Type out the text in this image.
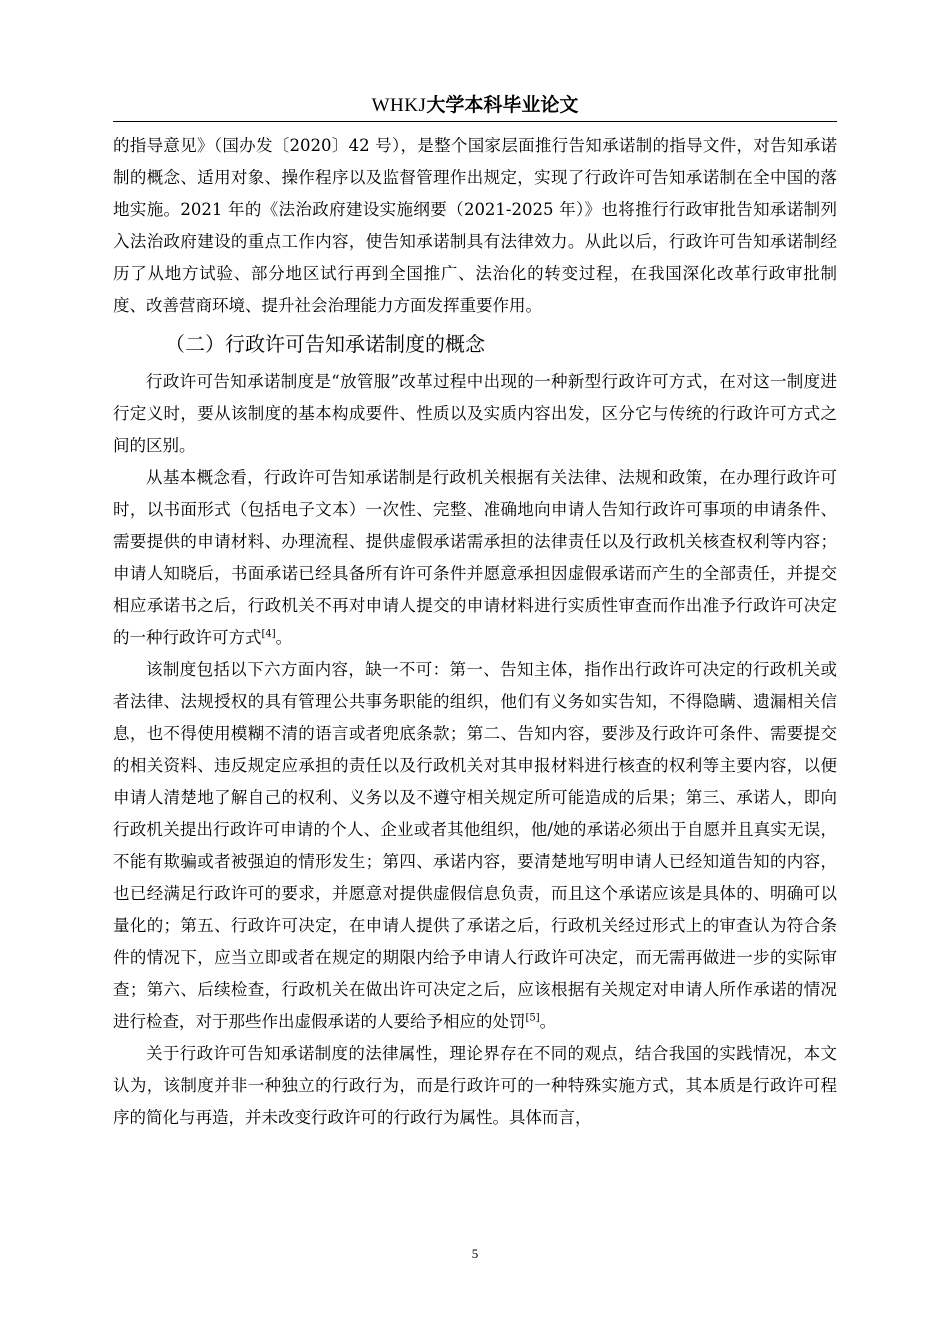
WHKJ大学本科毕业论文

的指导意见》（国办发〔2020〕42 号），是整个国家层面推行告知承诺制的指导文件，对告知承诺制的概念、适用对象、操作程序以及监督管理作出规定，实现了行政许可告知承诺制在全中国的落地实施。2021 年的《法治政府建设实施纲要（2021-2025 年）》也将推行行政审批告知承诺制列入法治政府建设的重点工作内容，使告知承诺制具有法律效力。从此以后，行政许可告知承诺制经历了从地方试验、部分地区试行再到全国推广、法治化的转变过程，在我国深化改革行政审批制度、改善营商环境、提升社会治理能力方面发挥重要作用。

（二）行政许可告知承诺制度的概念

行政许可告知承诺制度是“放管服”改革过程中出现的一种新型行政许可方式，在对这一制度进行定义时，要从该制度的基本构成要件、性质以及实质内容出发，区分它与传统的行政许可方式之间的区别。

从基本概念看，行政许可告知承诺制是行政机关根据有关法律、法规和政策，在办理行政许可时，以书面形式（包括电子文本）一次性、完整、准确地向申请人告知行政许可事项的申请条件、需要提供的申请材料、办理流程、提供虚假承诺需承担的法律责任以及行政机关核查权利等内容；申请人知晓后，书面承诺已经具备所有许可条件并愿意承担因虚假承诺而产生的全部责任，并提交相应承诺书之后，行政机关不再对申请人提交的申请材料进行实质性审查而作出准予行政许可决定的一种行政许可方式[4]。

该制度包括以下六方面内容，缺一不可：第一、告知主体，指作出行政许可决定的行政机关或者法律、法规授权的具有管理公共事务职能的组织，他们有义务如实告知，不得隐瞒、遗漏相关信息，也不得使用模糊不清的语言或者兜底条款；第二、告知内容，要涉及行政许可条件、需要提交的相关资料、违反规定应承担的责任以及行政机关对其申报材料进行核查的权利等主要内容，以便申请人清楚地了解自己的权利、义务以及不遵守相关规定所可能造成的后果；第三、承诺人，即向行政机关提出行政许可申请的个人、企业或者其他组织，他/她的承诺必须出于自愿并且真实无误，不能有欺骗或者被强迫的情形发生；第四、承诺内容，要清楚地写明申请人已经知道告知的内容，也已经满足行政许可的要求，并愿意对提供虚假信息负责，而且这个承诺应该是具体的、明确可以量化的；第五、行政许可决定，在申请人提供了承诺之后，行政机关经过形式上的审查认为符合条件的情况下，应当立即或者在规定的期限内给予申请人行政许可决定，而无需再做进一步的实际审查；第六、后续检查，行政机关在做出许可决定之后，应该根据有关规定对申请人所作承诺的情况进行检查，对于那些作出虚假承诺的人要给予相应的处罚[5]。

关于行政许可告知承诺制度的法律属性，理论界存在不同的观点，结合我国的实践情况，本文认为，该制度并非一种独立的行政行为，而是行政许可的一种特殊实施方式，其本质是行政许可程序的简化与再造，并未改变行政许可的行政行为属性。具体而言，

5
